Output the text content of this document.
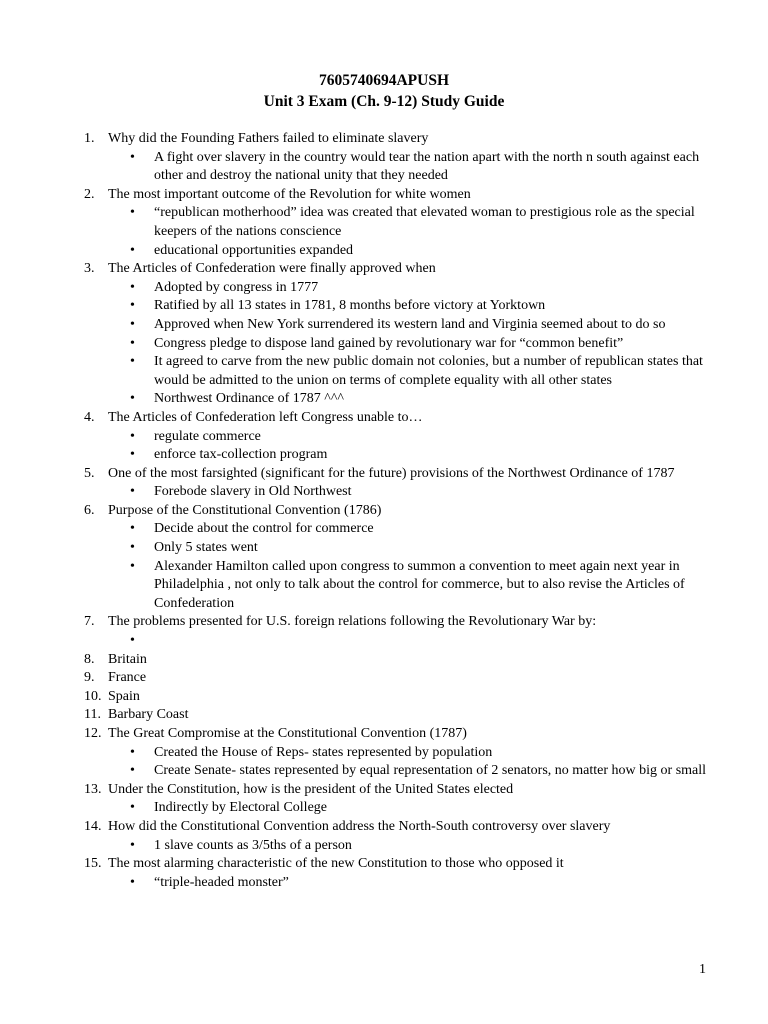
7605740694APUSH
Unit 3 Exam (Ch. 9-12) Study Guide
1. Why did the Founding Fathers failed to eliminate slavery
• A fight over slavery in the country would tear the nation apart with the north n south against each other and destroy the national unity that they needed
2. The most important outcome of the Revolution for white women
• “republican motherhood” idea was created that elevated woman to prestigious role as the special keepers of the nations conscience
• educational opportunities expanded
3. The Articles of Confederation were finally approved when
• Adopted by congress in 1777
• Ratified by all 13 states in 1781, 8 months before victory at Yorktown
• Approved when New York surrendered its western land and Virginia seemed about to do so
• Congress pledge to dispose land gained by revolutionary war for “common benefit”
• It agreed to carve from the new public domain not colonies, but a number of republican states that would be admitted to the union on terms of complete equality with all other states
• Northwest Ordinance of 1787 ^^^
4. The Articles of Confederation left Congress unable to…
• regulate commerce
• enforce tax-collection program
5. One of the most farsighted (significant for the future) provisions of the Northwest Ordinance of 1787
• Forebode slavery in Old Northwest
6. Purpose of the Constitutional Convention (1786)
• Decide about the control for commerce
• Only 5 states went
• Alexander Hamilton called upon congress to summon a convention to meet again next year in Philadelphia , not only to talk about the control for commerce, but to also revise the Articles of Confederation
7. The problems presented for U.S. foreign relations following the Revolutionary War by:
•

8. Britain
9. France
10. Spain
11. Barbary Coast
12. The Great Compromise at the Constitutional Convention (1787)
• Created the House of Reps- states represented by population
• Create Senate- states represented by equal representation of 2 senators, no matter how big or small
13. Under the Constitution, how is the president of the United States elected
• Indirectly by Electoral College
14. How did the Constitutional Convention address the North-South controversy over slavery
• 1 slave counts as 3/5ths of a person
15. The most alarming characteristic of the new Constitution to those who opposed it
• “triple-headed monster”
1
